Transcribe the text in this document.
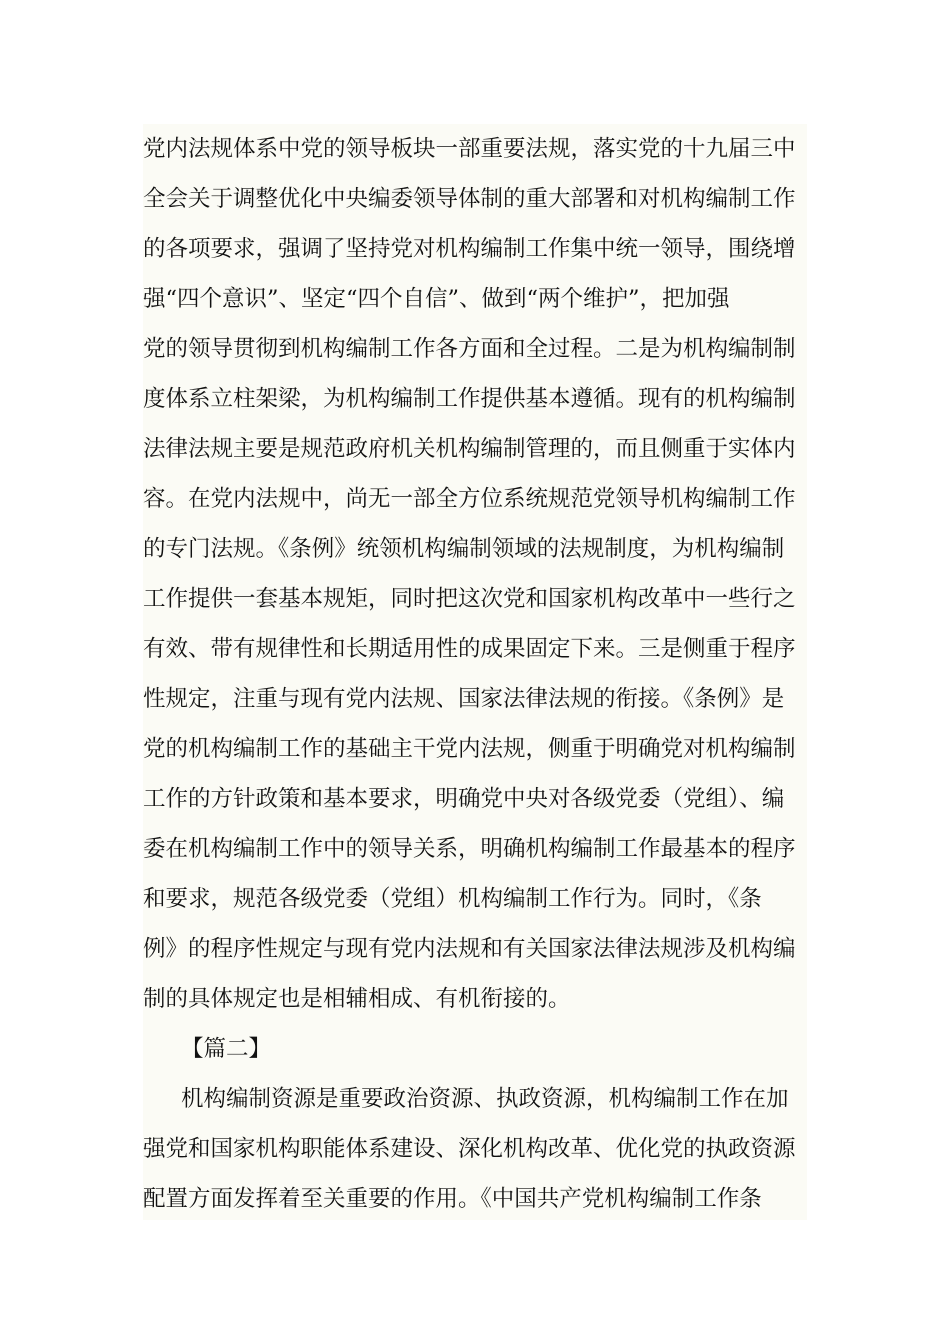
党内法规体系中党的领导板块一部重要法规，落实党的十九届三中
全会关于调整优化中央编委领导体制的重大部署和对机构编制工作
的各项要求，强调了坚持党对机构编制工作集中统一领导，围绕增
强“四个意识”、坚定“四个自信”、做到“两个维护”，把加强
党的领导贯彻到机构编制工作各方面和全过程。二是为机构编制制
度体系立柱架梁，为机构编制工作提供基本遵循。现有的机构编制
法律法规主要是规范政府机关机构编制管理的，而且侧重于实体内
容。在党内法规中，尚无一部全方位系统规范党领导机构编制工作
的专门法规。《条例》统领机构编制领域的法规制度，为机构编制
工作提供一套基本规矩，同时把这次党和国家机构改革中一些行之
有效、带有规律性和长期适用性的成果固定下来。三是侧重于程序
性规定，注重与现有党内法规、国家法律法规的衔接。《条例》是
党的机构编制工作的基础主干党内法规，侧重于明确党对机构编制
工作的方针政策和基本要求，明确党中央对各级党委（党组）、编
委在机构编制工作中的领导关系，明确机构编制工作最基本的程序
和要求，规范各级党委（党组）机构编制工作行为。同时，《条
例》的程序性规定与现有党内法规和有关国家法律法规涉及机构编
制的具体规定也是相辅相成、有机衔接的。
【篇二】
机构编制资源是重要政治资源、执政资源，机构编制工作在加
强党和国家机构职能体系建设、深化机构改革、优化党的执政资源
配置方面发挥着至关重要的作用。《中国共产党机构编制工作条
